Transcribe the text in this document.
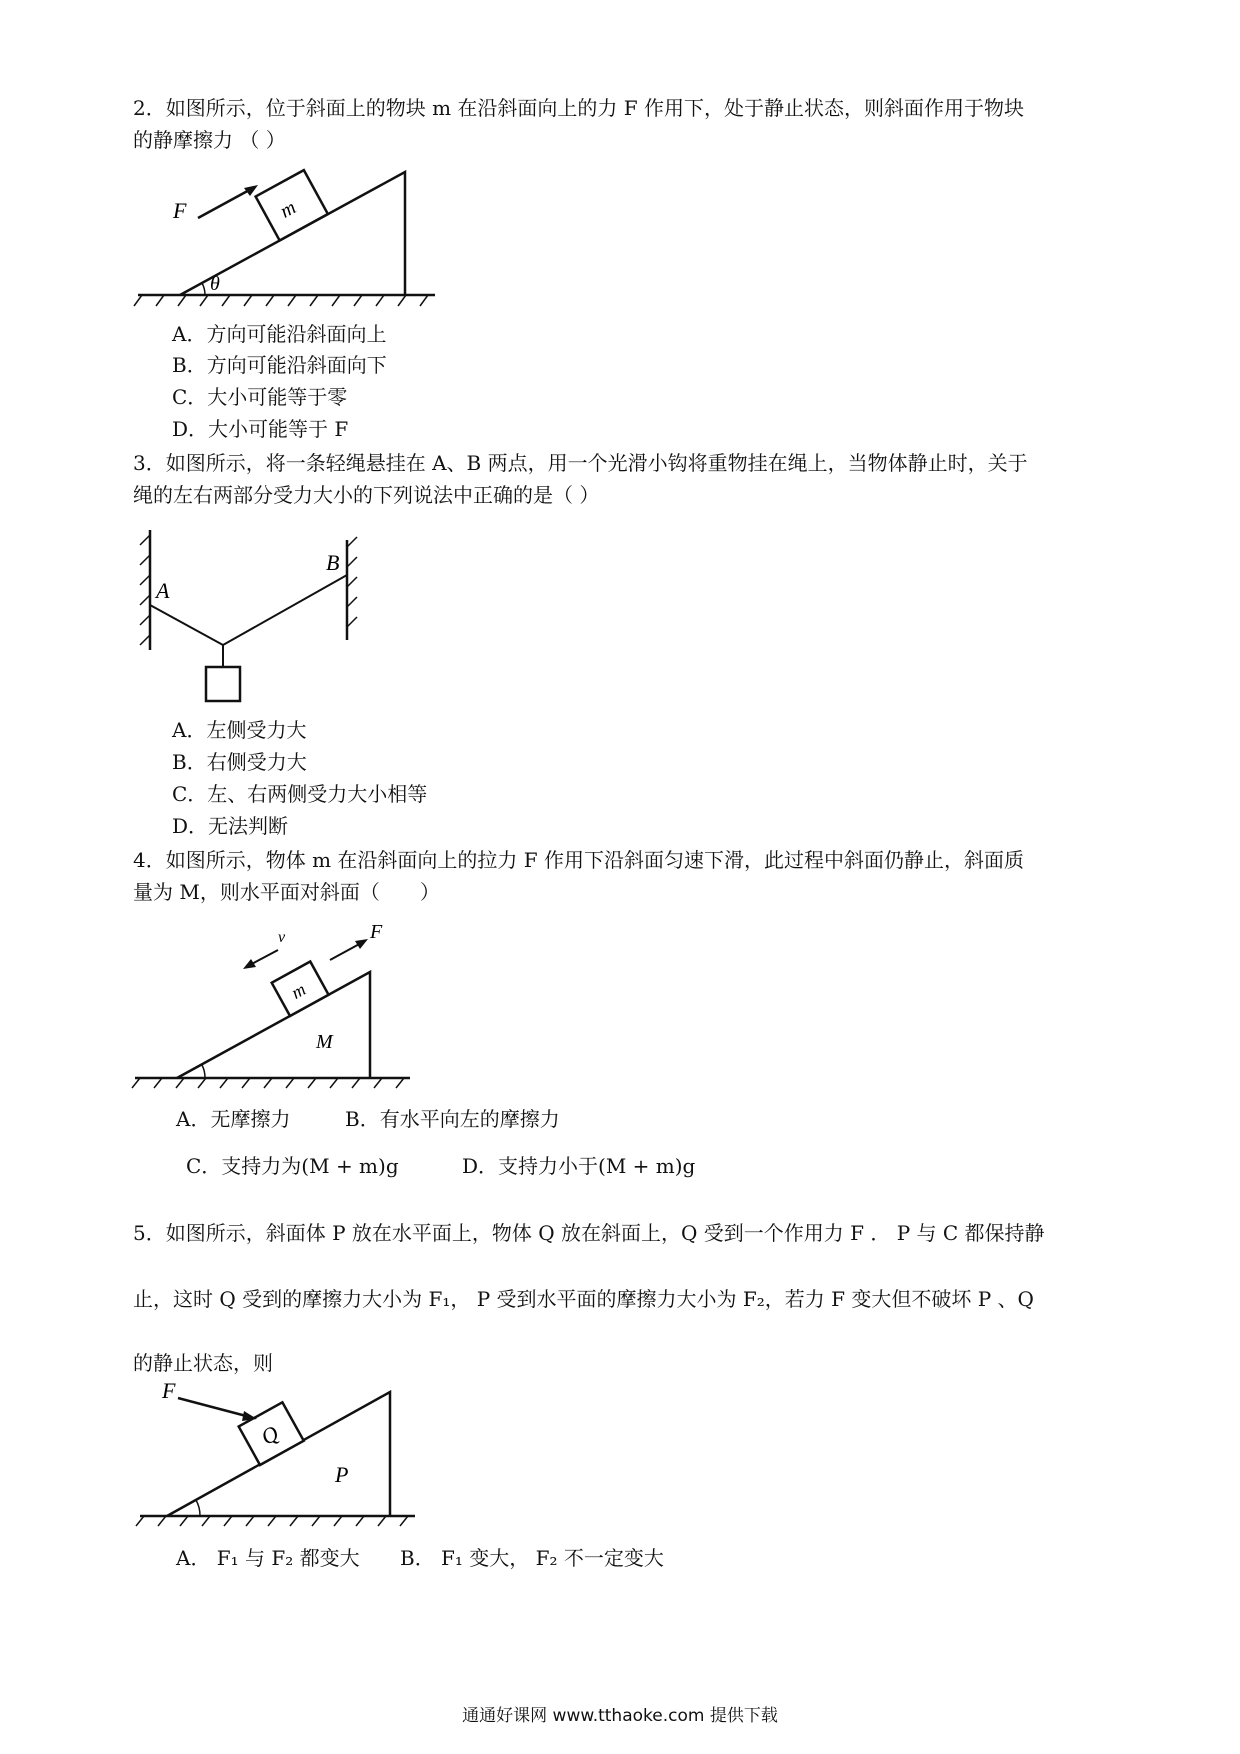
2．如图所示，位于斜面上的物块 m 在沿斜面向上的力 F 作用下，处于静止状态，则斜面作用于物块
的静摩擦力 （ ）
θ
m
F
A．方向可能沿斜面向上
B．方向可能沿斜面向下
C．大小可能等于零
D．大小可能等于 F
3．如图所示，将一条轻绳悬挂在 A、B 两点，用一个光滑小钩将重物挂在绳上，当物体静止时，关于
绳的左右两部分受力大小的下列说法中正确的是（ ）
A
B
A．左侧受力大
B．右侧受力大
C．左、右两侧受力大小相等
D．无法判断
4．如图所示，物体 m 在沿斜面向上的拉力 F 作用下沿斜面匀速下滑，此过程中斜面仍静止，斜面质
量为 M，则水平面对斜面（　　）
M
m
F
v
A．无摩擦力	B．有水平向左的摩擦力
C．支持力为(M + m)g	D．支持力小于(M + m)g
5．如图所示，斜面体 P 放在水平面上，物体 Q 放在斜面上，Q 受到一个作用力 F ． P 与 C 都保持静
止，这时 Q 受到的摩擦力大小为 F₁， P 受到水平面的摩擦力大小为 F₂，若力 F 变大但不破坏 P 、Q
的静止状态，则
P
Q
F
A． F₁ 与 F₂ 都变大 B． F₁ 变大， F₂ 不一定变大
通通好课网 www.tthaoke.com 提供下载
